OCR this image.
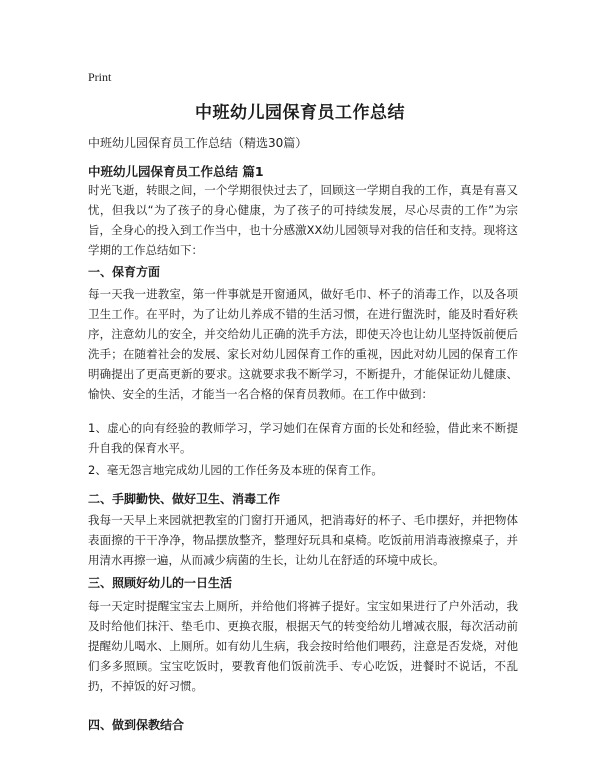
Print
中班幼儿园保育员工作总结
中班幼儿园保育员工作总结（精选30篇）
中班幼儿园保育员工作总结 篇1
时光飞逝，转眼之间，一个学期很快过去了，回顾这一学期自我的工作，真是有喜又忧，但我以“为了孩子的身心健康，为了孩子的可持续发展，尽心尽责的工作”为宗旨，全身心的投入到工作当中，也十分感激XX幼儿园领导对我的信任和支持。现将这学期的工作总结如下：
一、保育方面
每一天我一进教室，第一件事就是开窗通风，做好毛巾、杯子的消毒工作，以及各项卫生工作。在平时，为了让幼儿养成不错的生活习惯，在进行盥洗时，能及时看好秩序，注意幼儿的安全，并交给幼儿正确的洗手方法，即使天冷也让幼儿坚持饭前便后洗手；在随着社会的发展、家长对幼儿园保育工作的重视，因此对幼儿园的保育工作明确提出了更高更新的要求。这就要求我不断学习，不断提升，才能保证幼儿健康、愉快、安全的生活，才能当一名合格的保育员教师。在工作中做到：
1、虚心的向有经验的教师学习，学习她们在保育方面的长处和经验，借此来不断提升自我的保育水平。
2、毫无怨言地完成幼儿园的工作任务及本班的保育工作。
二、手脚勤快、做好卫生、消毒工作
我每一天早上来园就把教室的门窗打开通风，把消毒好的杯子、毛巾摆好，并把物体表面擦的干干净净，物品摆放整齐，整理好玩具和桌椅。吃饭前用消毒液擦桌子，并用清水再擦一遍，从而减少病菌的生长，让幼儿在舒适的环境中成长。
三、照顾好幼儿的一日生活
每一天定时提醒宝宝去上厕所，并给他们将裤子提好。宝宝如果进行了户外活动，我及时给他们抹汗、垫毛巾、更换衣服，根据天气的转变给幼儿增减衣服，每次活动前提醒幼儿喝水、上厕所。如有幼儿生病，我会按时给他们喂药，注意是否发烧，对他们多多照顾。宝宝吃饭时，要教育他们饭前洗手、专心吃饭，进餐时不说话，不乱扔，不掉饭的好习惯。
四、做到保教结合
